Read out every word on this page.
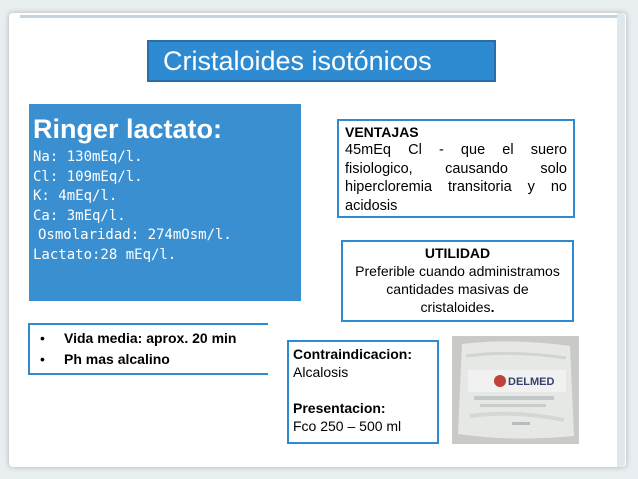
Cristaloides isotónicos
Ringer lactato:
Na: 130mEq/l.
Cl: 109mEq/l.
K: 4mEq/l.
Ca: 3mEq/l.
Osmolaridad: 274mOsm/l.
Lactato:28 mEq/l.
VENTAJAS
45mEq Cl - que el suero fisiologico, causando solo hipercloremia transitoria y no acidosis
UTILIDAD
Preferible cuando administramos cantidades masivas de cristaloides.
•	Vida media: aprox. 20 min
•	Ph mas alcalino	Contraindicacion:
Alcalosis
Presentacion:
Fco 250 – 500 ml
DELMED
